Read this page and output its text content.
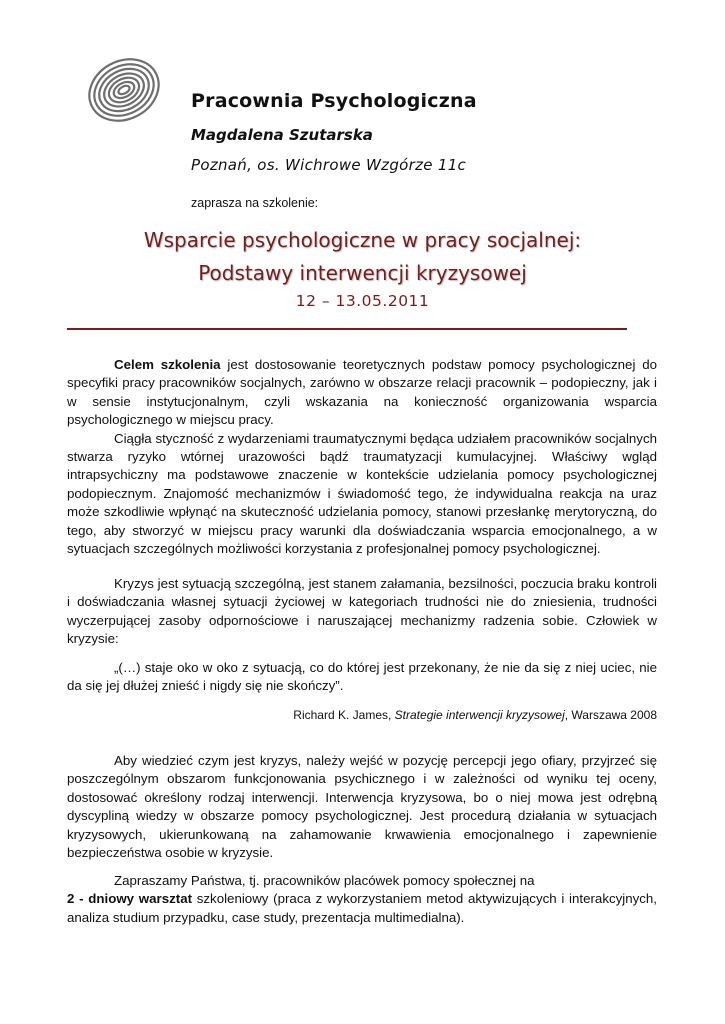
Pracownia Psychologiczna
Magdalena Szutarska
Poznań, os. Wichrowe Wzgórze 11c
zaprasza na szkolenie:
Wsparcie psychologiczne w pracy socjalnej:
Podstawy interwencji kryzysowej
12 – 13.05.2011

Celem szkolenia jest dostosowanie teoretycznych podstaw pomocy psychologicznej do specyfiki pracy pracowników socjalnych, zarówno w obszarze relacji pracownik – podopieczny, jak i w sensie instytucjonalnym, czyli wskazania na konieczność organizowania wsparcia psychologicznego w miejscu pracy.

Ciągła styczność z wydarzeniami traumatycznymi będąca udziałem pracowników socjalnych stwarza ryzyko wtórnej urazowości bądź traumatyzacji kumulacyjnej. Właściwy wgląd intrapsychiczny ma podstawowe znaczenie w kontekście udzielania pomocy psychologicznej podopiecznym. Znajomość mechanizmów i świadomość tego, że indywidualna reakcja na uraz może szkodliwie wpłynąć na skuteczność udzielania pomocy, stanowi przesłankę merytoryczną, do tego, aby stworzyć w miejscu pracy warunki dla doświadczania wsparcia emocjonalnego, a w sytuacjach szczególnych możliwości korzystania z profesjonalnej pomocy psychologicznej.

Kryzys jest sytuacją szczególną, jest stanem załamania, bezsilności, poczucia braku kontroli i doświadczania własnej sytuacji życiowej w kategoriach trudności nie do zniesienia, trudności wyczerpującej zasoby odpornościowe i naruszającej mechanizmy radzenia sobie. Człowiek w kryzysie:

„(…) staje oko w oko z sytuacją, co do której jest przekonany, że nie da się z niej uciec, nie da się jej dłużej znieść i nigdy się nie skończy”.

Richard K. James, Strategie interwencji kryzysowej, Warszawa 2008

Aby wiedzieć czym jest kryzys, należy wejść w pozycję percepcji jego ofiary, przyjrzeć się poszczególnym obszarom funkcjonowania psychicznego i w zależności od wyniku tej oceny, dostosować określony rodzaj interwencji. Interwencja kryzysowa, bo o niej mowa jest odrębną dyscypliną wiedzy w obszarze pomocy psychologicznej. Jest procedurą działania w sytuacjach kryzysowych, ukierunkowaną na zahamowanie krwawienia emocjonalnego i zapewnienie bezpieczeństwa osobie w kryzysie.

Zapraszamy Państwa, tj. pracowników placówek pomocy społecznej na

2 - dniowy warsztat szkoleniowy (praca z wykorzystaniem metod aktywizujących i interakcyjnych, analiza studium przypadku, case study, prezentacja multimedialna).
